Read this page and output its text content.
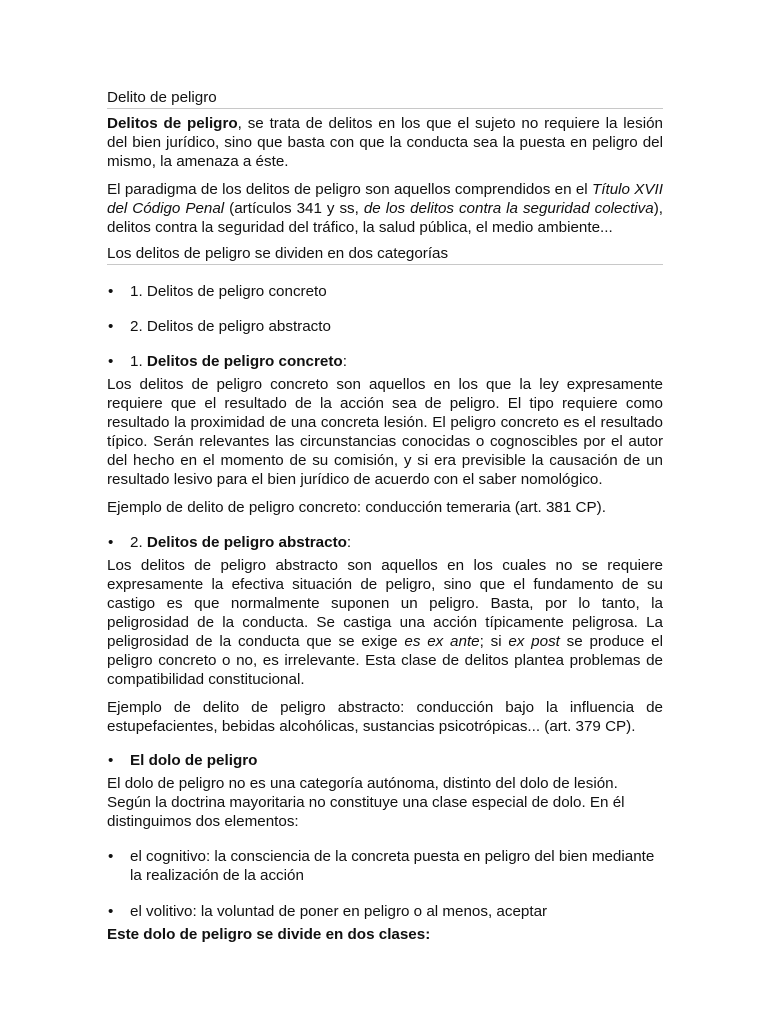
Delito de peligro

Delitos de peligro, se trata de delitos en los que el sujeto no requiere la lesión del bien jurídico, sino que basta con que la conducta sea la puesta en peligro del mismo, la amenaza a éste.

El paradigma de los delitos de peligro son aquellos comprendidos en el Título XVII del Código Penal (artículos 341 y ss, de los delitos contra la seguridad colectiva), delitos contra la seguridad del tráfico, la salud pública, el medio ambiente...

Los delitos de peligro se dividen en dos categorías

• 1. Delitos de peligro concreto

• 2. Delitos de peligro abstracto

• 1. Delitos de peligro concreto:

Los delitos de peligro concreto son aquellos en los que la ley expresamente requiere que el resultado de la acción sea de peligro. El tipo requiere como resultado la proximidad de una concreta lesión. El peligro concreto es el resultado típico. Serán relevantes las circunstancias conocidas o cognoscibles por el autor del hecho en el momento de su comisión, y si era previsible la causación de un resultado lesivo para el bien jurídico de acuerdo con el saber nomológico.

Ejemplo de delito de peligro concreto: conducción temeraria (art. 381 CP).

• 2. Delitos de peligro abstracto:

Los delitos de peligro abstracto son aquellos en los cuales no se requiere expresamente la efectiva situación de peligro, sino que el fundamento de su castigo es que normalmente suponen un peligro. Basta, por lo tanto, la peligrosidad de la conducta. Se castiga una acción típicamente peligrosa. La peligrosidad de la conducta que se exige es ex ante; si ex post se produce el peligro concreto o no, es irrelevante. Esta clase de delitos plantea problemas de compatibilidad constitucional.

Ejemplo de delito de peligro abstracto: conducción bajo la influencia de estupefacientes, bebidas alcohólicas, sustancias psicotrópicas... (art. 379 CP).

• El dolo de peligro

El dolo de peligro no es una categoría autónoma, distinto del dolo de lesión. Según la doctrina mayoritaria no constituye una clase especial de dolo. En él distinguimos dos elementos:

• el cognitivo: la consciencia de la concreta puesta en peligro del bien mediante la realización de la acción

• el volitivo: la voluntad de poner en peligro o al menos, aceptar

Este dolo de peligro se divide en dos clases:
